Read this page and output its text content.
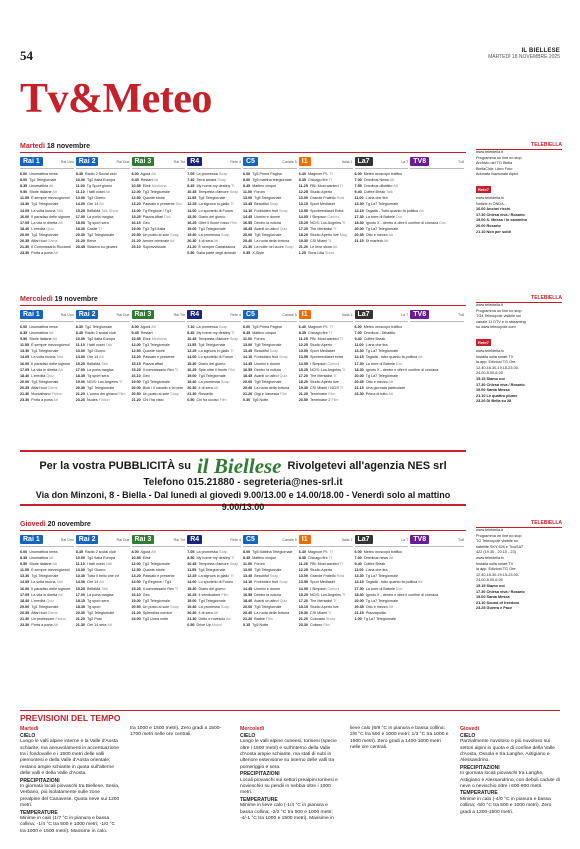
54	IL BIELLESE
MARTEDÌ 18 NOVEMBRE 2025
Tv&Meteo
Martedì 18 novembre
Rai 1	Rai Uno
6.00 Unomattina news
8.00 Tg1 Telegiornale
8.35 Unomattina Att
9.50 Storie italiane Att
11.55 È sempre mezzogiorno!
13.30 Tg1 Telegiornale
14.05 La volta buona Talk
16.00 Il paradiso delle signore
17.05 La vita in diretta Att
18.40 L'eredità Quiz
20.00 Tg1 Telegiornale
20.35 Affari tuoi Game
21.30 Il Commissario Ricciardi
23.30 Porta a porta Att
Rai 2	Rai Due
8.45 Radio 2 Social club
10.00 Tg2 Italia Europa
11.00 Tg Sport giorno
11.10 I fatti vostri Att
13.00 Tg2 Giorno
14.00 Ore 14 Att
15.25 BellaMà Talk Show
17.00 La porta magica
18.05 Tg sport sera
18.30 Castle Tf
20.30 Tg2 Telegiornale
21.20 Belve
23.45 Stasera su giovani
Rai 3	Rai Tre
8.00 Agorà Att
9.45 Restart Att
10.55 Elisir Medicina
12.00 Tg3 Telegiornale
12.50 Quante storie
13.20 Passato e presente Doc
14.00 Tg Regione / Tg3
15.25 Piazza Affari Doc
16.15 Geo
19.00 Tg3 Tg3 Italia
20.50 Un posto al sole Soap
21.20 Amore criminale Att
23.10 Sopravvissute
R4	Rete 4
7.05 La promessa Soap
7.40 Terra amara Soap
8.45 My home my destiny Tl
10.45 Tempesta d'amore Soap
11.55 Tg4 Telegiornale
12.25 La signora in giallo Tf
14.00 Lo sportello di Forum
15.30 Diario del giorno
16.25 Oltre il fiume rosso Film
19.00 Tg4 Telegiornale
19.40 La promessa Soap
20.30 4 di sera Att
21.20 È sempre Cartabianca
0.50 Dalla parte degli animali
C5	Canale 5
6.00 Tg5 Prima Pagina
8.00 Tg5 mattina telegiornale
8.45 Mattino cinque
11.00 Forum
13.00 Tg5 Telegiornale
13.45 Beautiful Soap
14.10 Forbidden fruit Soap
14.45 Uomini e donne
16.55 Dentro la notizia
18.45 Avanti un altro! Quiz
20.00 Tg5 Telegiornale
20.40 La ruota della fortuna
21.30 La notte nel cuore Soap
0.35 X-Style
I1	Italia 1
6.40 Magnum P.I. Tf
8.35 Chicago fire Tf
11.25 FBI: Most wanted Tf
12.25 Studio Aperto
13.00 Grande Fratello Real
13.15 Sport Mediaset
13.55 Sportmediaset Extra
14.05 I Simpson Cartoni
15.25 NCIS: Los Angeles Tf
17.20 The Mentalist Tf
18.20 Studio Aperto live Mag
19.30 CSI Miami Tf
21.20 Le Iene show Att
1.25 Sons Lilla Show
La7	La 7
6.00 Meteo oroscopo traffico
7.00 Omnibus News Att
7.55 Omnibus dibattito Att
9.40 Coffee Break Talk
11.00 L'aria che tira
13.30 Tg La7 Telegiornale
14.15 Tagadà - Tutto quanto fa politica Att
17.30 La torre di Babele Doc
18.30 Ignoto X - dentro a oltre il confine di cronaca Doc
20.00 Tg La7 Telegiornale
20.35 Otto e mezzo Att
21.15 Di martedì Att
TV8	Tv8
Mercoledì 19 novembre
Rai 1	Rai Uno
6.00 Unomattina news
8.35 Unomattina Att
9.50 Storie italiane Att
11.55 È sempre mezzogiorno!
13.30 Tg1 Telegiornale
14.05 La volta buona Talk
16.00 Il paradiso delle signore
17.05 La vita in diretta Att
18.40 L'eredità Quiz
20.00 Tg1 Telegiornale
20.35 Affari tuoi Game
21.30 Montalbano Fiction
23.30 Porta a porta Att
Rai 2	Rai Due
8.30 Tg2 Telegiornale
8.45 Radio 2 social club
10.00 Tg2 Italia Europa
11.10 I fatti vostri Talk
13.00 Tg2 Giorno
14.00 Ore 14 Att
15.25 BellaMà Talk
17.00 La porta magica
18.35 Tg sport sera
19.00 NCIS: Los Angeles Tf
20.30 Tg2 Telegiornale
21.20 L'uomo dei ghiacci Film
23.20 Nudes Fiction
Rai 3	Rai Tre
8.00 Agorà Att
9.45 Restart
10.55 Elisir Medicina
12.00 Tg3 Telegiornale
12.50 Quante storie
13.20 Passato e presente
15.15 Piazza affari
15.25 Il commissario Rex Tf
16.10 Geo
19.00 Tg3 Telegiornale
20.00 Blob / Il cavallo e la torre
20.50 Un posto al sole Soap
21.20 Chi l'ha visto
R4	Rete 4
7.10 La promessa Soap
8.45 My home my destiny Tl
10.45 Tempesta d'amore Soap
11.55 Tg4 Telegiornale
12.25 La signora in giallo Tf
14.00 Lo sportello di Forum
15.30 Diario del giorno
16.25 Spie oltre il fronte Film
19.00 Tg4 Telegiornale
19.40 La promessa Soap
20.30 4 di sera Att
21.30 Rossella
0.50 Chi ha ucciso Film
C5	Canale 5
6.00 Tg5 Prima Pagina
8.45 Mattino cinque
11.00 Forum
13.00 Tg5 Telegiornale
13.45 Beautiful Soap
14.10 Forbidden fruit Soap
14.45 Uomini e donne
16.55 Dentro la notizia
18.45 Avanti un altro! Quiz
20.00 Tg5 Telegiornale
20.40 La ruota della fortuna
21.20 Gigi e Vanessa Film
0.30 Tg5 Notte
I1	Italia 1
6.40 Magnum P.I. Tf
8.35 Chicago fire Tf
11.25 FBI: Most wanted Tf
12.25 Studio Aperto
13.00 Sport Mediaset
13.55 Sportmediaset extra
14.05 I Simpson Cartoni
15.25 NCIS: Los Angeles Tf
17.20 The Mentalist Tf
18.20 Studio Aperto live
19.30 CSI Miami / NCIS Tf
21.20 Terminator Film
23.50 Terminator 2 Film
La7	La 7
6.00 Meteo oroscopo traffico
7.00 Omnibus - Dibattito
9.40 Coffee Break
11.00 L'aria che tira
13.30 Tg La7 Telegiornale
14.15 Tagadà - tutto quanto fa politica Att
17.30 La torre di Babele Doc
18.30 Ignoto X - dentro e oltre il confine di cronaca
20.00 Tg La7 Telegiornale
20.35 Otto e mezzo Att
21.15 Una giornata particolare
23.30 Prima di tutto Att
TV8	Tv8
Giovedì 20 novembre
Rai 1	Rai Uno
6.00 Unomattina news
8.35 Unomattina Att
9.50 Storie italiane Att
11.55 È sempre mezzogiorno!
13.30 Tg1 Telegiornale
14.05 La volta buona Talk
16.00 Il paradiso delle signore
17.05 La vita in diretta Att
18.40 L'eredità Quiz
20.00 Tg1 Telegiornale
20.35 Affari tuoi Game
21.30 Un professore Fiction
23.30 Porta a porta Att
Rai 2	Rai Due
8.45 Radio 2 social club
10.00 Tg2 Italia Europa
11.10 I fatti vostri Talk
13.00 Tg2 Giorno
13.30 Tutto il bello che c'è
14.00 Ore 14 Att
15.25 BellaMà Talk
17.00 La porta magica
18.15 Tg sport sera
18.35 Tg sport
20.30 Tg2 Telegiornale
21.20 Tg2 Post
21.30 Ore 14 sera Att
Rai 3	Rai Tre
8.00 Agorà Att
10.55 Elisir
12.00 Tg3 Telegiornale
12.50 Quante storie
13.20 Passato e presente
14.00 Tg Regione / Tg3
15.25 Il commissario Rex Tf
16.10 Geo
19.00 Tg3 Telegiornale
20.50 Un posto al sole Soap
21.20 Splendida cornice
24.00 Tg3 Linea notte
R4	Rete 4
7.05 La promessa Soap
8.50 My home my destiny Tl
10.45 Tempesta d'amore Soap
11.55 Tg4 Telegiornale
12.25 La signora in giallo Tf
14.00 Lo sportello di Forum
15.30 Diario del giorno
16.25 Il vendicatore Film
19.00 Tg4 Telegiornale
19.40 La promessa Soap
20.30 4 di sera Att
21.30 Dritto e rovescio Att
0.50 Drive Up Motori
C5	Canale 5
8.00 Tg5 Mattina Telegiornale
8.45 Mattino cinque
11.00 Forum
13.00 Tg5 Telegiornale
13.45 Beautiful Soap
14.10 Forbidden fruit Soap
14.45 Uomini e donne
16.55 Dentro la notizia
18.40 Avanti un altro! Quiz
20.00 Tg5 Telegiornale
20.40 La ruota della fortuna
21.20 Barbie Film
0.15 Tg5 Notte
I1	Italia 1
6.40 Magnum P.I. Tf
8.35 Chicago fire Tf
11.25 FBI: Most wanted Tf
12.25 Studio Aperto
13.00 Grande Fratello Real
13.55 Sport Mediaset
14.05 I Simpson Cartoni
15.25 NCIS: Los Angeles Tf
17.20 The Mentalist Tf
18.15 Studio Aperto live
19.30 CSI Miami Tf
21.20 Colorado Show
23.30 Coliseo Film
La7	La 7
6.00 Meteo oroscopo traffico
7.00 Omnibus news Att
9.40 Coffee Break
11.00 L'aria che tira
13.30 Tg La7 Telegiornale
14.15 Tagadà - tutto quanto fa politica Att
17.30 La torre di Babele Doc
18.30 Ignoto X - dentro e oltre il confine di cronaca
20.00 Tg La7 Telegiornale
20.35 Otto e mezzo Att
21.15 Piazzapulita
1.00 Tg La7 Telegiornale
TV8	Tv8
TELEBIELLA
www.telebiella.it
Programma on line no stop
Archivio del TG Biella
BiellaClub: Libro Foto
Adunata Nazionale Alpini
Rete7
www.telebiella.tv
Notizie in ONDA...
16.00 Anchei ricchi
17.30 Chiesa viva / Rosario
19.00 S. Messa / In cammino
20.00 Rosario
21.10 Non per soldi
TELEBIELLA
www.telebiella.it
Programma on line no stop
TG4 Telecupole visibile sul
canale 11 DTV e in streaming
su www.telecupole.com
Rete7
www.telebiella.tv
Installa sulla smart TV
la app. Edizioni TG Ore:
12.40-16.30-19.15-23.00-
24.00-5.00-6.00
15.15 Siamo noi
17.30 Chiesa viva / Rosario
19.00 Santa Messa
21.10 Le quattro piume
23.20 Di Bella su 28
TELEBIELLA
www.telebiella.it
Programma on line no stop
TG Telecupole visibile su
satellite SKY 826 e TivùSAT
422 (19.30 - 20.10 - 23)
www.telebiella.tv
Installa sulla smart TV
la app. Edizioni TG Ore:
12.40-16.30-19.15-23.00-
24.00-5.00-6.00
15.15 Siamo noi
17.30 Chiesa viva / Rosario
19.00 Santa Messa
21.10 Sound of freedom
23.25 Guerra e Pace
Per la vostra PUBBLICITÀ su il Biellese Rivolgetevi all'agenzia NES srl
Telefono 015.21880 - segreteria@nes-srl.it
Via don Minzoni, 8 - Biella - Dal lunedì al giovedì 9.00/13.00 e 14.00/18.00 - Venerdì solo al mattino 9.00/13.00
PREVISIONI DEL TEMPO
Martedì
CIELO
Lungo le valli alpine interne e la Valle d'Aosta schiarite, ma annuvolamenti in accentuazione tra i fondovalle e i 1500 metri delle valli piemontesi e della Valle d'Aosta orientale; restano ampie schiarite in quota sull'alterne delle valli e della Valle d'Aosta.
PRECIPITAZIONI
In giornata locali piovaschi tra Biellese, Sesia, Verbano, più isolatamente sulle zone prealpine del Canavese. Quota neve sui 1200 metri.
TEMPERATURE
Minime in calo (1/7 °C in pianura e bassa collina; -1/4 °C tra 500 e 1000 metri; -1/0 °C tra 1000 e 1500 metri). Massime in calo.
tra 1000 e 1500 metri). Zero gradi a 1500-1700 metri nelle ore centrali.
Mercoledì
CIELO
Lungo le valli alpine cuneesi, torinesi (specie oltre i 1500 metri) e sull'interno della Valle d'Aosta ampie schiarite, ma stati di nubi in ulteriore estensione su interno delle valli tra pomeriggio e sera.
PRECIPITAZIONI
Locali piovaschi sui settori prealpini torinesi e novieschio su pendii in nebbia oltre i 1000 metri.
TEMPERATURE
Minime in lieve calo (-1/4 °C in pianura e bassa collina; -2/2 °C tra 500 e 1000 metri; -4/-1 °C tra 1000 e 1500 metri). Massime in
lieve calo (6/9 °C in pianura e bassa collina; 2/6 °C tra 500 e 1000 metri; 1/3 °C tra 1000 e 1500 metri). Zero gradi a 1400-1600 metri nelle ore centrali.
Giovedì
CIELO
Parzialmente nuvoloso o più nuvoloso sui settori alpini in quota e di confine della Valle d'Aosta, Ossola e tra Langhe, Astigiano e Alessandrino.
PRECIPITAZIONI
In giornata locali piovaschi tra Langhe, Astigiano e Alessandrino, con deboli cadute di neve o nevischio oltre i 600-800 metri.
TEMPERATURE
Minime in calo (-4/0 °C in pianura e bassa collina; -5/0 °C tra 500 e 1000 metri). Zero gradi a 1200-1500 metri.
